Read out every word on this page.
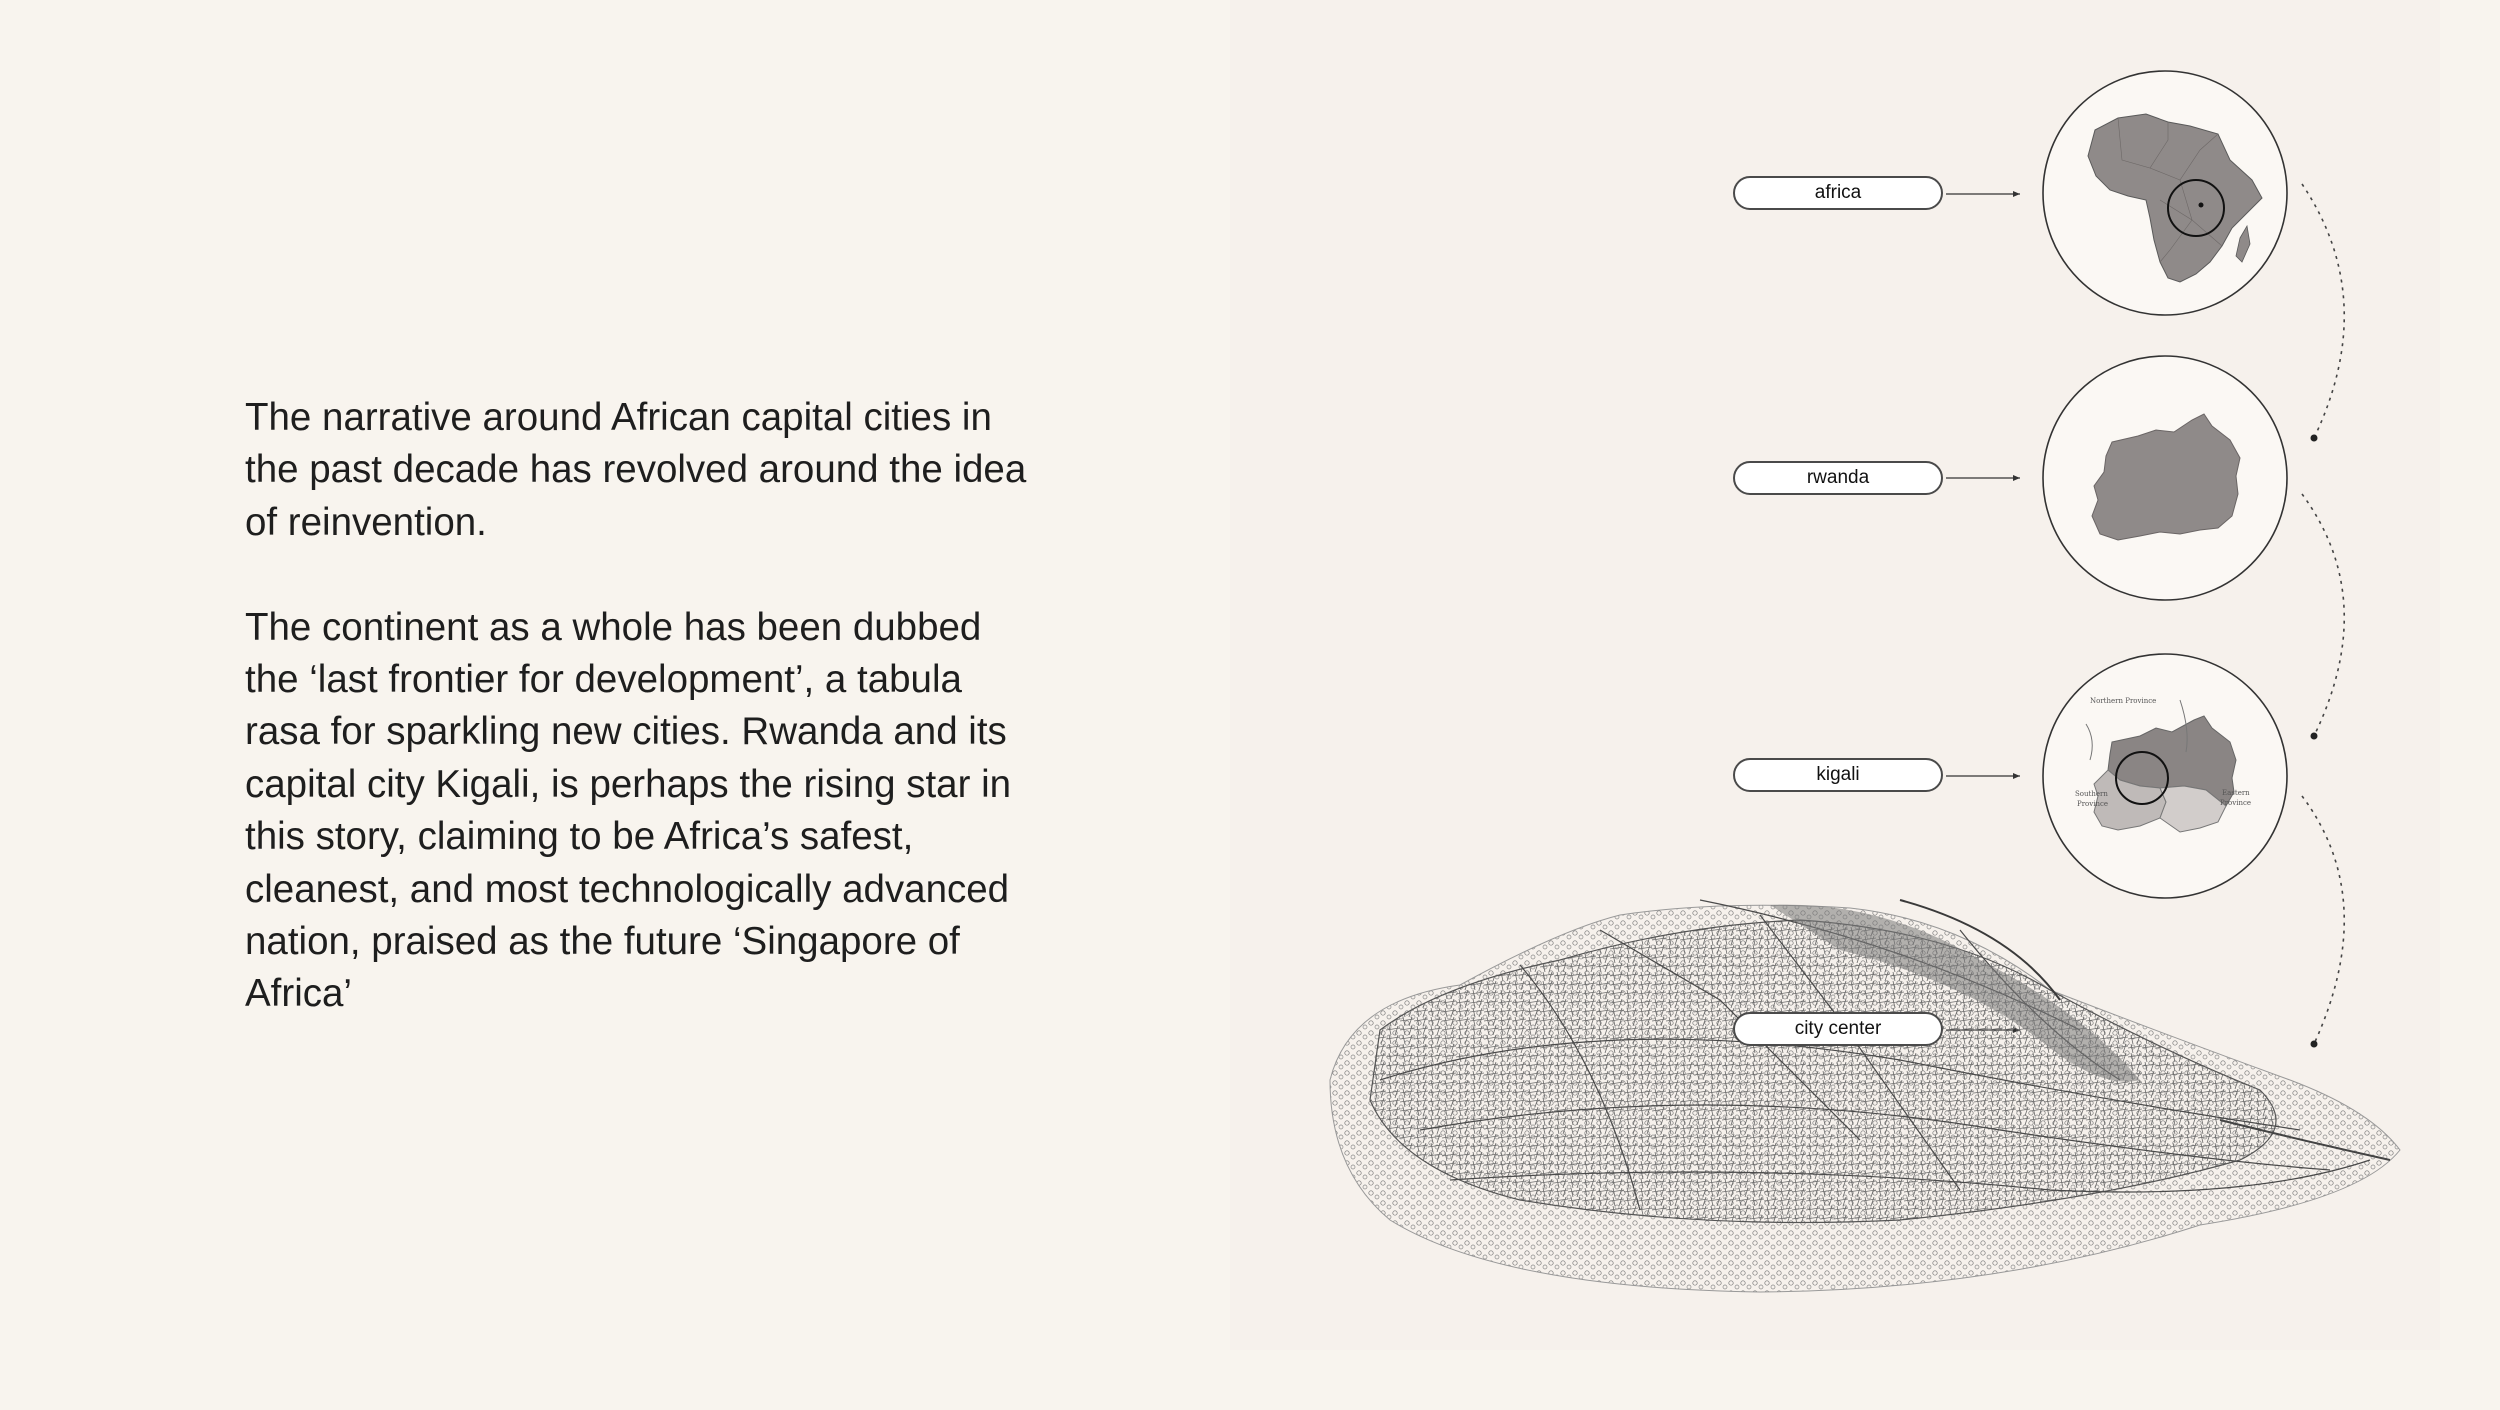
The narrative around African capital cities in the past decade has revolved around the idea of reinvention.

The continent as a whole has been dubbed the ‘last frontier for development’, a tabula rasa for sparkling new cities. Rwanda and its capital city Kigali, is perhaps the rising star in this story, claiming to be Africa’s safest, cleanest, and most technologically advanced nation, praised as the future ‘Singapore of Africa’

Northern Province
Southern
Province
Eastern
Province
africa
rwanda
kigali
city center
